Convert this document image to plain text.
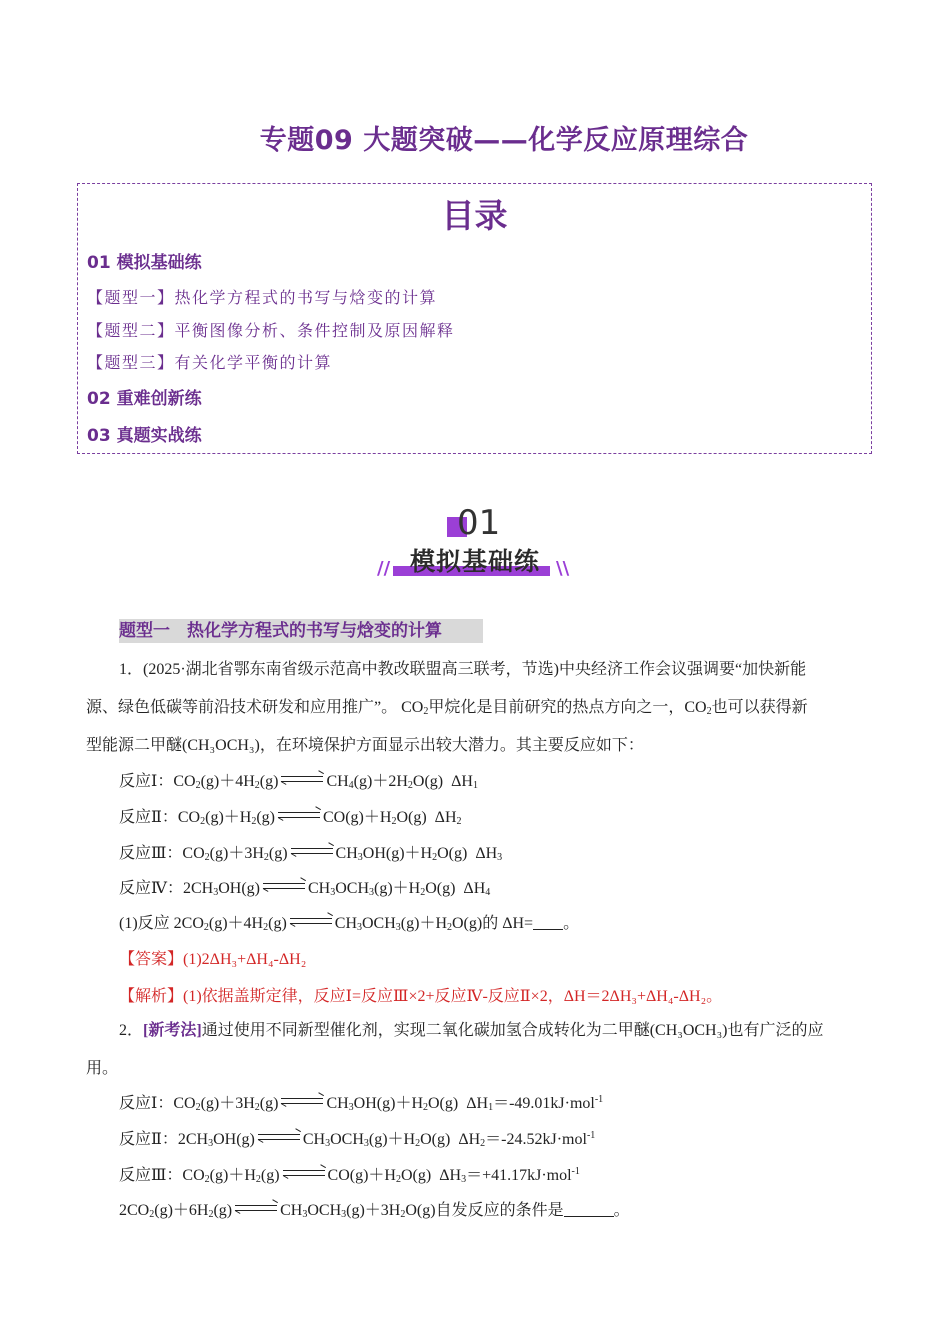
专题09 大题突破——化学反应原理综合
目录
01 模拟基础练
【题型一】热化学方程式的书写与焓变的计算
【题型二】平衡图像分析、条件控制及原因解释
【题型三】有关化学平衡的计算
02 重难创新练
03 真题实战练
01
模拟基础练
//	\\
题型一　热化学方程式的书写与焓变的计算
1．(2025·湖北省鄂东南省级示范高中教改联盟高三联考，节选)中央经济工作会议强调要“加快新能
源、绿色低碳等前沿技术研发和应用推广”。 $CO_2$甲烷化是目前研究的热点方向之一，$CO_2$也可以获得新
型能源二甲醚(CH₃OCH₃)，在环境保护方面显示出较大潜力。其主要反应如下：
反应Ⅰ：$CO_2(g)+4H_2(g)$	$CH_4(g)+2H_2O(g)$  $\Delta H_1$
反应Ⅱ：$CO_2(g)+H_2(g)$	$CO(g)+H_2O(g)$  $\Delta H_2$
反应Ⅲ：$CO_2(g)+3H_2(g)$	$CH_3OH(g)+H_2O(g)$  $\Delta H_3$
反应Ⅳ：$2CH_3OH(g)$	$CH_3OCH_3(g)+H_2O(g)$  $\Delta H_4$
(1)反应 $2CO_2(g)+4H_2(g)$	$CH_3OCH_3(g)+H_2O(g)$的 ΔH= 。
【答案】(1)2ΔH₃+ΔH₄-ΔH₂
【解析】(1)依据盖斯定律，反应Ⅰ=反应Ⅲ×2+反应Ⅳ-反应Ⅱ×2，ΔH＝2ΔH₃+ΔH₄-ΔH₂。
2．[新考法]通过使用不同新型催化剂，实现二氧化碳加氢合成转化为二甲醚(CH₃OCH₃)也有广泛的应
用。
反应Ⅰ：$CO_2(g)+3H_2(g)$	$CH_3OH(g)+H_2O(g)$  $\Delta H_1=-49.01kJ\cdot mol^{-1}$
反应Ⅱ：$2CH_3OH(g)$	$CH_3OCH_3(g)+H_2O(g)$  $\Delta H_2=-24.52kJ\cdot mol^{-1}$
反应Ⅲ：$CO_2(g)+H_2(g)$	$CO(g)+H_2O(g)$  $\Delta H_3=+41.17kJ\cdot mol^{-1}$
$2CO_2(g)+6H_2(g)$	$CH_3OCH_3(g)+3H_2O(g)$自发反应的条件是	。
